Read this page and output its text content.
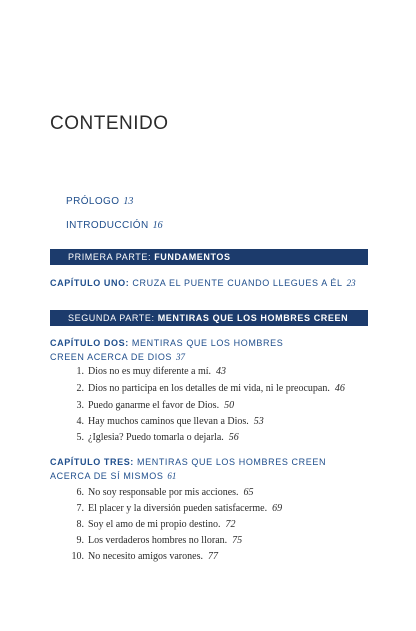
CONTENIDO
PRÓLOGO 13
INTRODUCCIÓN 16
PRIMERA PARTE: FUNDAMENTOS
CAPÍTULO UNO: CRUZA EL PUENTE CUANDO LLEGUES A ÉL 23
SEGUNDA PARTE: MENTIRAS QUE LOS HOMBRES CREEN
CAPÍTULO DOS: MENTIRAS QUE LOS HOMBRES
CREEN ACERCA DE DIOS 37
1. Dios no es muy diferente a mí. 43
2. Dios no participa en los detalles de mi vida, ni le preocupan. 46
3. Puedo ganarme el favor de Dios. 50
4. Hay muchos caminos que llevan a Dios. 53
5. ¿Iglesia? Puedo tomarla o dejarla. 56
CAPÍTULO TRES: MENTIRAS QUE LOS HOMBRES CREEN
ACERCA DE SÍ MISMOS 61
6. No soy responsable por mis acciones. 65
7. El placer y la diversión pueden satisfacerme. 69
8. Soy el amo de mi propio destino. 72
9. Los verdaderos hombres no lloran. 75
10. No necesito amigos varones. 77
